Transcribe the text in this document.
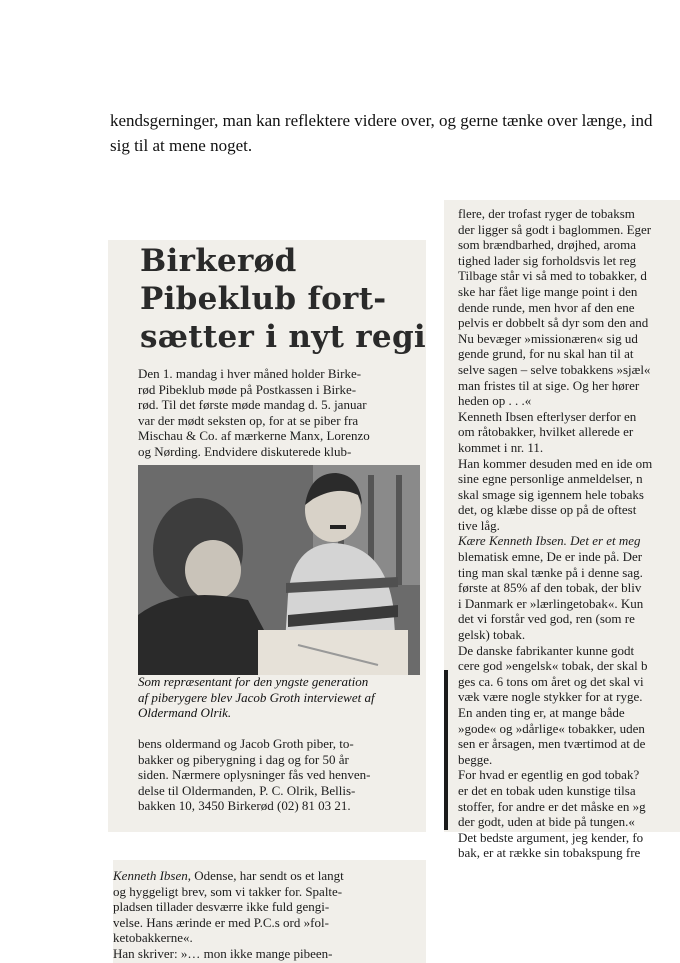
kendsgerninger, man kan reflektere videre over, og gerne tænke over længe, ind
sig til at mene noget.
Birkerød
Pibeklub fort-
sætter i nyt regi
Den 1. mandag i hver måned holder Birke-
rød Pibeklub møde på Postkassen i Birke-
rød. Til det første møde mandag d. 5. januar
var der mødt seksten op, for at se piber fra
Mischau & Co. af mærkerne Manx, Lorenzo
og Nørding. Endvidere diskuterede klub-
Som repræsentant for den yngste generation
af piberygere blev Jacob Groth interviewet af
Oldermand Olrik.
bens oldermand og Jacob Groth piber, to-
bakker og piberygning i dag og for 50 år
siden. Nærmere oplysninger fås ved henven-
delse til Oldermanden, P. C. Olrik, Bellis-
bakken 10, 3450 Birkerød (02) 81 03 21.
flere, der trofast ryger de tobaksm
der ligger så godt i baglommen. Eger
som brændbarhed, drøjhed, aroma
tighed lader sig forholdsvis let reg
Tilbage står vi så med to tobakker, d
ske har fået lige mange point i den
dende runde, men hvor af den ene
pelvis er dobbelt så dyr som den and
Nu bevæger »missionæren« sig ud
gende grund, for nu skal han til at
selve sagen – selve tobakkens »sjæl«
man fristes til at sige. Og her hører
heden op . . .«
Kenneth Ibsen efterlyser derfor en
om råtobakker, hvilket allerede er
kommet i nr. 11.
Han kommer desuden med en ide om
sine egne personlige anmeldelser, n
skal smage sig igennem hele tobaks
det, og klæbe disse op på de oftest
tive låg.
Kære Kenneth Ibsen. Det er et meg
blematisk emne, De er inde på. Der
ting man skal tænke på i denne sag.
første at 85% af den tobak, der bliv
i Danmark er »lærlingetobak«. Kun
det vi forstår ved god, ren (som re
gelsk) tobak.
De danske fabrikanter kunne godt
cere god »engelsk« tobak, der skal b
ges ca. 6 tons om året og det skal vi
væk være nogle stykker for at ryge.
En anden ting er, at mange både
»gode« og »dårlige« tobakker, uden
sen er årsagen, men tværtimod at de
begge.
For hvad er egentlig en god tobak?
er det en tobak uden kunstige tilsa
stoffer, for andre er det måske en »g
der godt, uden at bide på tungen.«
Det bedste argument, jeg kender, fo
bak, er at række sin tobakspung fre
Kenneth Ibsen, Odense, har sendt os et langt
og hyggeligt brev, som vi takker for. Spalte-
pladsen tillader desværre ikke fuld gengi-
velse. Hans ærinde er med P.C.s ord »fol-
ketobakkerne«.
Han skriver: »… mon ikke mange pibeen-
